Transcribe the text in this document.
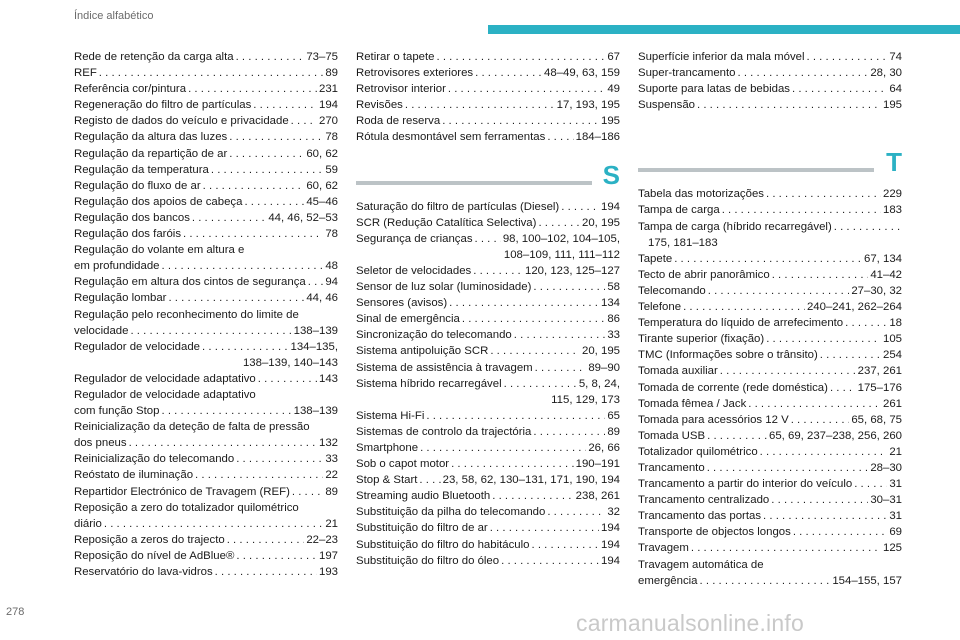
Índice alfabético
Rede de retenção da carga alta . . .	73–75
REF . . .	89
Referência cor/pintura . . .	231
Regeneração do filtro de partículas . . .	194
Registo de dados do veículo e privacidade . . .	270
Regulação da altura das luzes . . .	78
Regulação da repartição de ar . . .	60, 62
Regulação da temperatura . . .	59
Regulação do fluxo de ar . . .	60, 62
Regulação dos apoios de cabeça . . .	45–46
Regulação dos bancos . . .	44, 46, 52–53
Regulação dos faróis . . .	78
Regulação do volante em altura e
em profundidade . . .	48
Regulação em altura dos cintos de segurança . . . 94
Regulação lombar . . .	44, 46
Regulação pelo reconhecimento do limite de
velocidade . . .	138–139
Regulador de velocidade . . .	134–135,
138–139, 140–143
Regulador de velocidade adaptativo . . .	143
Regulador de velocidade adaptativo
com função Stop . . .	138–139
Reinicialização da deteção de falta de pressão
dos pneus . . .	132
Reinicialização do telecomando . . .	33
Reóstato de iluminação . . .	22
Repartidor Electrónico de Travagem (REF) . . .	89
Reposição a zero do totalizador quilométrico
diário . . .	21
Reposição a zeros do trajecto . . .	22–23
Reposição do nível de AdBlue® . . .	197
Reservatório do lava-vidros . . .	193
Retirar o tapete . . .	67
Retrovisores exteriores . . .	48–49, 63, 159
Retrovisor interior . . .	49
Revisões . . .	17, 193, 195
Roda de reserva . . .	195
Rótula desmontável sem ferramentas . . .	184–186
S
Saturação do filtro de partículas (Diesel) . . .	194
SCR (Redução Catalítica Selectiva) . . .	20, 195
Segurança de crianças . . .	98, 100–102, 104–105,
108–109, 111, 111–112
Seletor de velocidades . . .	120, 123, 125–127
Sensor de luz solar (luminosidade) . . .	58
Sensores (avisos) . . .	134
Sinal de emergência . . .	86
Sincronização do telecomando . . .	33
Sistema antipoluição SCR . . .	20, 195
Sistema de assistência à travagem . . .	89–90
Sistema híbrido recarregável . . .	5, 8, 24,
115, 129, 173
Sistema Hi-Fi . . .	65
Sistemas de controlo da trajectória . . .	89
Smartphone . . .	26, 66
Sob o capot motor . . .	190–191
Stop & Start . . . 23, 58, 62, 130–131, 171, 190, 194
Streaming audio Bluetooth . . .	238, 261
Substituição da pilha do telecomando . . .	32
Substituição do filtro de ar . . .	194
Substituição do filtro do habitáculo . . .	194
Substituição do filtro do óleo . . .	194
Superfície inferior da mala móvel . . .	74
Super-trancamento . . .	28, 30
Suporte para latas de bebidas . . .	64
Suspensão . . .	195
T
Tabela das motorizações . . .	229
Tampa de carga . . .	183
Tampa de carga (híbrido recarregável)
. . .
175, 181–183
Tapete . . .	67, 134
Tecto de abrir panorâmico . . .	41–42
Telecomando . . .	27–30, 32
Telefone . . .	240–241, 262–264
Temperatura do líquido de arrefecimento . . .	18
Tirante superior (fixação) . . .	105
TMC (Informações sobre o trânsito) . . .	254
Tomada auxiliar . . .	237, 261
Tomada de corrente (rede doméstica) . . .	175–176
Tomada fêmea / Jack . . .	261
Tomada para acessórios 12 V . . .	65, 68, 75
Tomada USB . . .	65, 69, 237–238, 256, 260
Totalizador quilométrico . . .	21
Trancamento . . .	28–30
Trancamento a partir do interior do veículo . . .	31
Trancamento centralizado . . .	30–31
Trancamento das portas . . .	31
Transporte de objectos longos . . .	69
Travagem . . .	125
Travagem automática de
emergência . . .	154–155, 157
278	carmanualsonline.info
